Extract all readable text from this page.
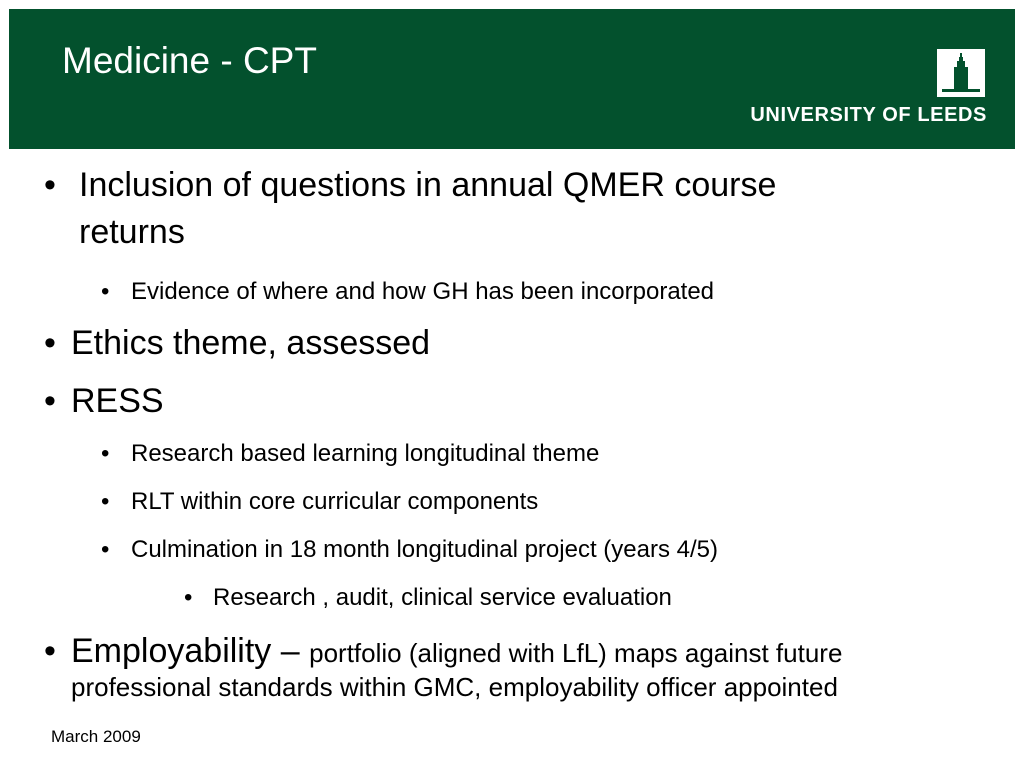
Medicine - CPT
UNIVERSITY OF LEEDS
• Inclusion of questions in annual QMER course
returns
• Evidence of where and how GH has been incorporated
• Ethics theme, assessed
• RESS
• Research based learning longitudinal theme
• RLT within core curricular components
• Culmination in 18 month longitudinal project (years 4/5)
• Research , audit, clinical service evaluation
• Employability – portfolio (aligned with LfL) maps against future
professional standards within GMC, employability officer appointed
March 2009
